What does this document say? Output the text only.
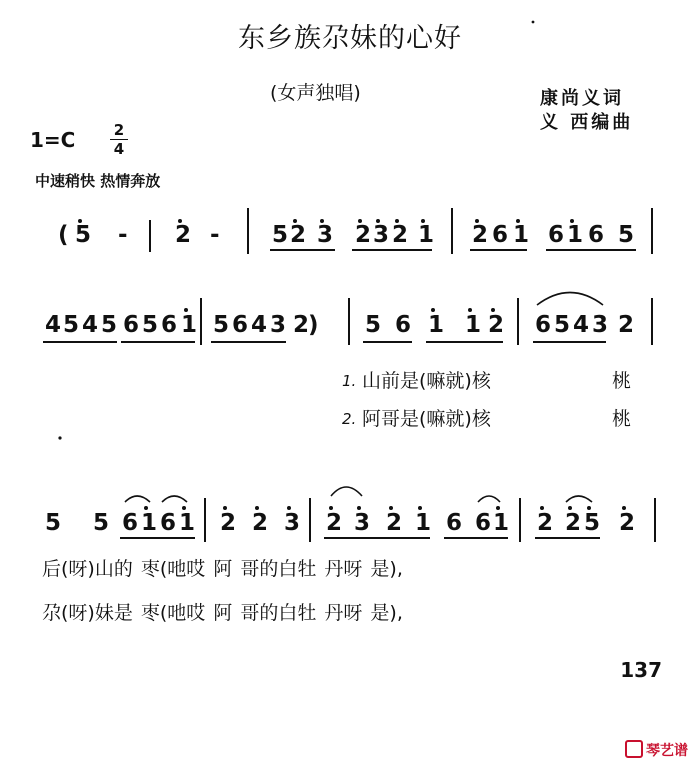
东乡族尕妹的心好
(女声独唱)	康尚义词
义 西编曲
1=C	2
4
中速稍快 热情奔放
( 5 - 2 - 5 2 3 2 3 2 1 2 6 1 6 1 6 5
4 5 4 5 6 5 6 1 5 6 4 3 2
) 5 6 1 1 2 6 5 4 3 2
5 5 6 1 6 1 2 2 3 2 3 2 1 6 6 1 2 2 5 2
1. 山前是(嘛就)核	桃
2. 阿哥是(嘛就)核	桃
后(呀)山的 枣(吔哎 阿 哥的白牡 丹呀 是),
尕(呀)妹是 枣(吔哎 阿 哥的白牡 丹呀 是),
137
琴艺谱
